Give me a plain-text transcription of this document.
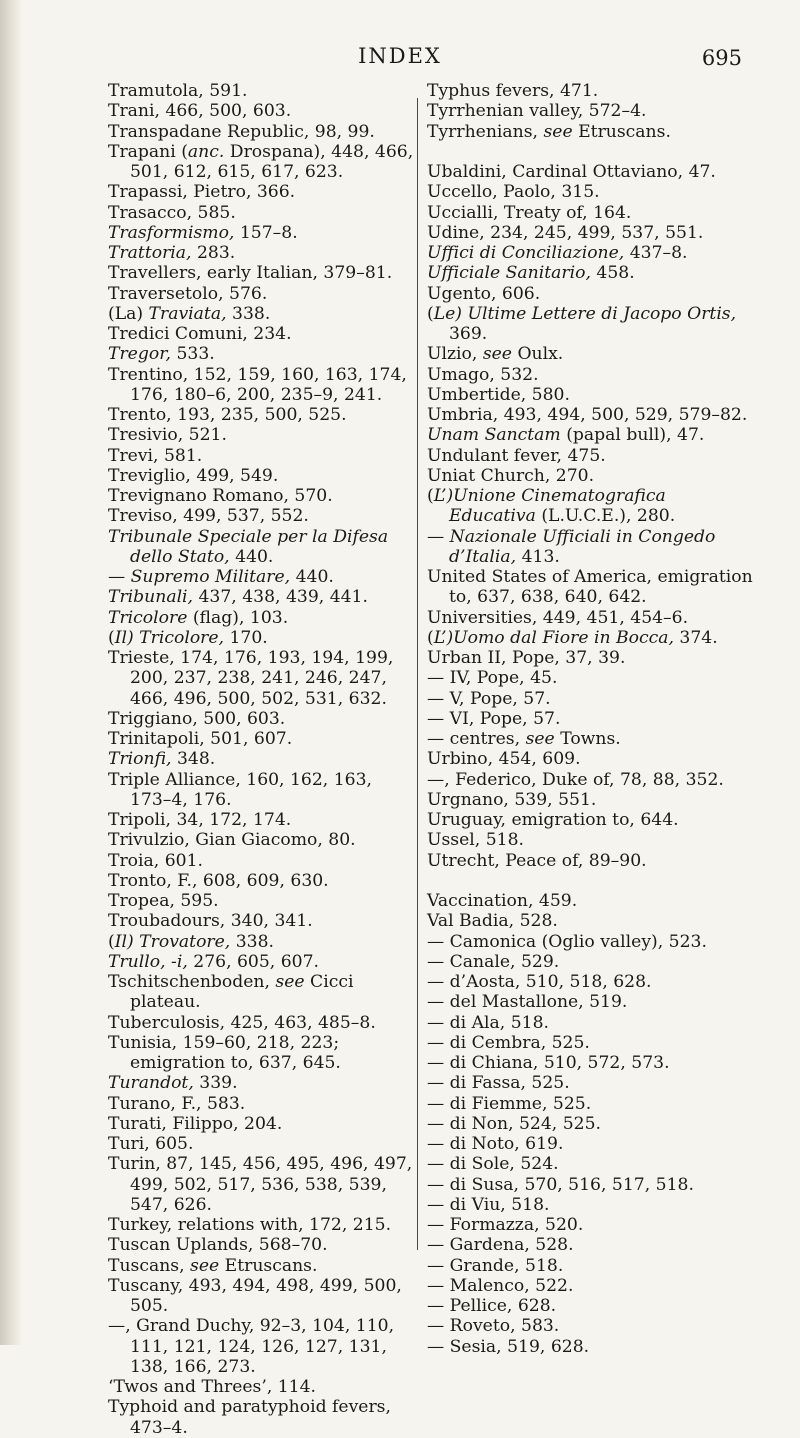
INDEX	695

Tramutola, 591.

Trani, 466, 500, 603.

Transpadane Republic, 98, 99.

Trapani (anc. Drospana), 448, 466, 501, 612, 615, 617, 623.

Trapassi, Pietro, 366.

Trasacco, 585.

Trasformismo, 157–8.

Trattoria, 283.

Travellers, early Italian, 379–81.

Traversetolo, 576.

(La) Traviata, 338.

Tredici Comuni, 234.

Tregor, 533.

Trentino, 152, 159, 160, 163, 174, 176, 180–6, 200, 235–9, 241.

Trento, 193, 235, 500, 525.

Tresivio, 521.

Trevi, 581.

Treviglio, 499, 549.

Trevignano Romano, 570.

Treviso, 499, 537, 552.

Tribunale Speciale per la Difesa dello Stato, 440.

— Supremo Militare, 440.

Tribunali, 437, 438, 439, 441.

Tricolore (flag), 103.

(Il) Tricolore, 170.

Trieste, 174, 176, 193, 194, 199, 200, 237, 238, 241, 246, 247, 466, 496, 500, 502, 531, 632.

Triggiano, 500, 603.

Trinitapoli, 501, 607.

Trionfi, 348.

Triple Alliance, 160, 162, 163, 173–4, 176.

Tripoli, 34, 172, 174.

Trivulzio, Gian Giacomo, 80.

Troia, 601.

Tronto, F., 608, 609, 630.

Tropea, 595.

Troubadours, 340, 341.

(Il) Trovatore, 338.

Trullo, -i, 276, 605, 607.

Tschitschenboden, see Cicci plateau.

Tuberculosis, 425, 463, 485–8.

Tunisia, 159–60, 218, 223; emigration to, 637, 645.

Turandot, 339.

Turano, F., 583.

Turati, Filippo, 204.

Turi, 605.

Turin, 87, 145, 456, 495, 496, 497, 499, 502, 517, 536, 538, 539, 547, 626.

Turkey, relations with, 172, 215.

Tuscan Uplands, 568–70.

Tuscans, see Etruscans.

Tuscany, 493, 494, 498, 499, 500, 505.

—, Grand Duchy, 92–3, 104, 110, 111, 121, 124, 126, 127, 131, 138, 166, 273.

‘Twos and Threes’, 114.

Typhoid and paratyphoid fevers, 473–4.

Typhus fevers, 471.

Tyrrhenian valley, 572–4.

Tyrrhenians, see Etruscans.

Ubaldini, Cardinal Ottaviano, 47.

Uccello, Paolo, 315.

Uccialli, Treaty of, 164.

Udine, 234, 245, 499, 537, 551.

Uffici di Conciliazione, 437–8.

Ufficiale Sanitario, 458.

Ugento, 606.

(Le) Ultime Lettere di Jacopo Ortis, 369.

Ulzio, see Oulx.

Umago, 532.

Umbertide, 580.

Umbria, 493, 494, 500, 529, 579–82.

Unam Sanctam (papal bull), 47.

Undulant fever, 475.

Uniat Church, 270.

(L’)Unione Cinematografica Educativa (L.U.C.E.), 280.

— Nazionale Ufficiali in Congedo d’Italia, 413.

United States of America, emigration to, 637, 638, 640, 642.

Universities, 449, 451, 454–6.

(L’)Uomo dal Fiore in Bocca, 374.

Urban II, Pope, 37, 39.

— IV, Pope, 45.

— V, Pope, 57.

— VI, Pope, 57.

— centres, see Towns.

Urbino, 454, 609.

—, Federico, Duke of, 78, 88, 352.

Urgnano, 539, 551.

Uruguay, emigration to, 644.

Ussel, 518.

Utrecht, Peace of, 89–90.

Vaccination, 459.

Val Badia, 528.

— Camonica (Oglio valley), 523.

— Canale, 529.

— d’Aosta, 510, 518, 628.

— del Mastallone, 519.

— di Ala, 518.

— di Cembra, 525.

— di Chiana, 510, 572, 573.

— di Fassa, 525.

— di Fiemme, 525.

— di Non, 524, 525.

— di Noto, 619.

— di Sole, 524.

— di Susa, 570, 516, 517, 518.

— di Viu, 518.

— Formazza, 520.

— Gardena, 528.

— Grande, 518.

— Malenco, 522.

— Pellice, 628.

— Roveto, 583.

— Sesia, 519, 628.
